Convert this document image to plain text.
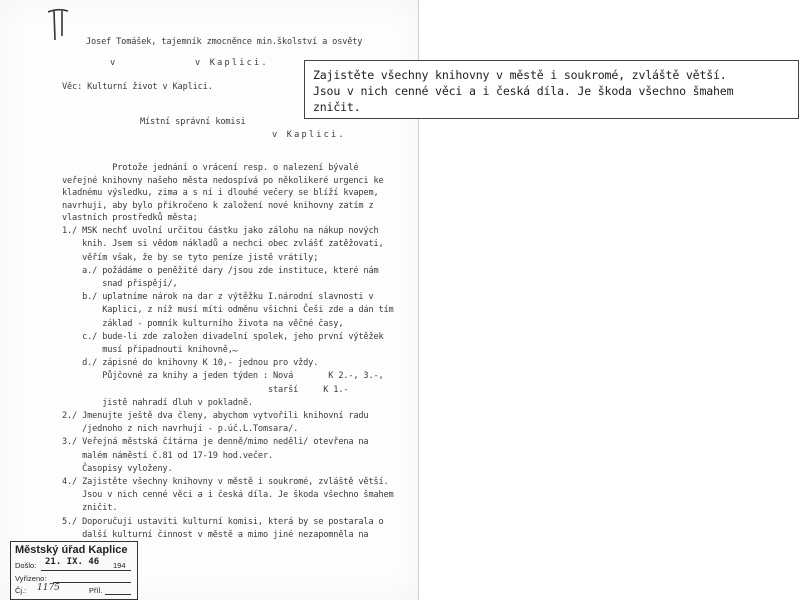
Josef Tomášek, tajemník zmocněnce min.školství a osvěty
v Kaplici.
v
Věc: Kulturní život v Kaplici.
Místní správní komisi
v Kaplici.
Protože jednání o vrácení resp. o nalezení bývalé
veřejné knihovny našeho města nedospívá po několikeré urgenci ke
kladnému výsledku, zima a s ní i dlouhé večery se blíží kvapem,
navrhuji, aby bylo přikročeno k založení nové knihovny zatím z
vlastních prostředků města;
1./ MSK nechť uvolní určitou částku jako zálohu na nákup nových
knih. Jsem si vědom nákladů a nechci obec zvlášť zatěžovati,
věřím však, že by se tyto peníze jistě vrátily;
a./ požádáme o peněžité dary /jsou zde instituce, které nám
snad přispějí/,
b./ uplatníme nárok na dar z výtěžku I.národní slavnosti v
Kaplici, z níž musí míti odměnu všichni Češi zde a dán tím
základ - pomník kulturního života na věčné časy,
c./ bude-li zde založen divadelní spolek, jeho první výtěžek
musí připadnouti knihovně,
d./ zápisné do knihovny K 10,- jednou pro vždy.
Půjčovné za knihy a jeden týden : Nová       K 2.-, 3.-,
starší     K 1.-
jistě nahradí dluh v pokladně.
2./ Jmenujte ještě dva členy, abychom vytvořili knihovní radu
/jednoho z nich navrhuji - p.úč.L.Tomsara/.
3./ Veřejná městská čítárna je denně/mimo neděli/ otevřena na
malém náměstí č.81 od 17-19 hod.večer.
Časopisy vyloženy.
4./ Zajistěte všechny knihovny v městě i soukromé, zvláště větší.
Jsou v nich cenné věci a i česká díla. Je škoda všechno šmahem
zničit.
5./ Doporučuji ustaviti kulturní komisi, která by se postarala o
další kulturní činnost v městě a mimo jiné nezapomněla na
~
Městský úřad Kaplice
Došlo: 21. IX. 46 194
Vyřízeno:
Čj.: 1175	Příl.
Zajistěte všechny knihovny v městě i soukromé, zvláště větší.
Jsou v nich cenné věci a i česká díla. Je škoda všechno šmahem
zničit.
